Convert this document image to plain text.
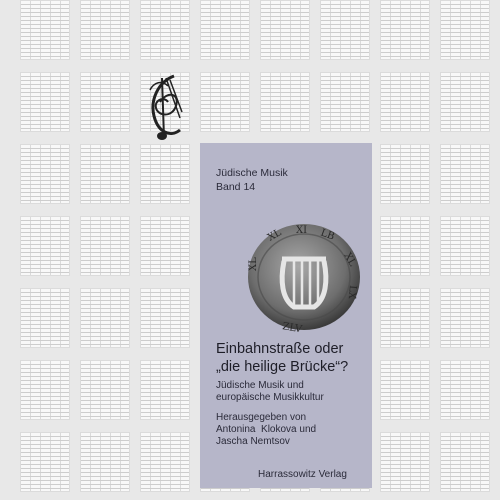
Jüdische Musik
Band 14
XL XI LB
XL
LX
XL
ZLV
Einbahnstraße oder
„die heilige Brücke“?
Jüdische Musik und
europäische Musikkultur
Herausgegeben von
Antonina  Klokova und
Jascha Nemtsov
Harrassowitz Verlag
